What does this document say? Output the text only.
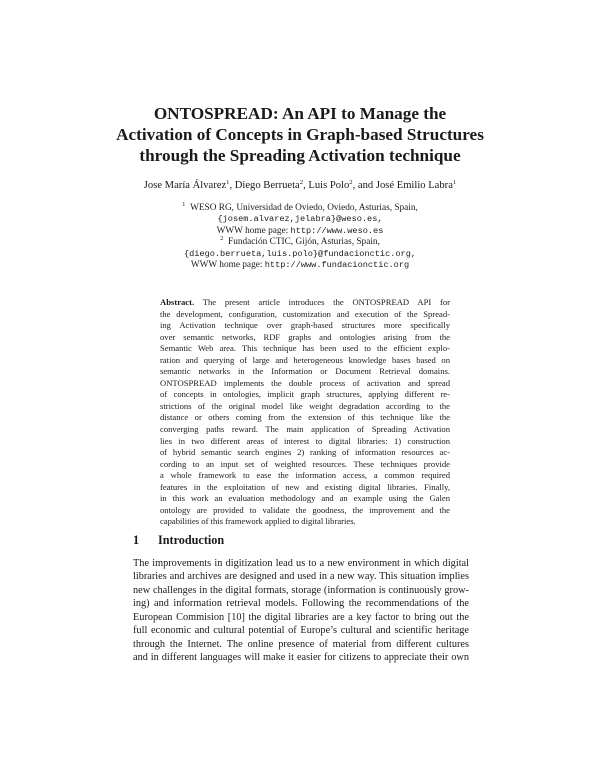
ONTOSPREAD: An API to Manage the
Activation of Concepts in Graph-based Structures
through the Spreading Activation technique
Jose María Álvarez$^1$, Diego Berrueta$^2$, Luis Polo$^2$, and José Emilio Labra$^1$
$^1$ WESO RG, Universidad de Oviedo, Oviedo, Asturias, Spain,
{josem.alvarez,jelabra}@weso.es,
WWW home page: http://www.weso.es
$^2$ Fundación CTIC, Gijón, Asturias, Spain,
{diego.berrueta,luis.polo}@fundacionctic.org,
WWW home page: http://www.fundacionctic.org
Abstract. The present article introduces the ONTOSPREAD API for
the development, configuration, customization and execution of the Spread-
ing Activation technique over graph-based structures more specifically
over semantic networks, RDF graphs and ontologies arising from the
Semantic Web area. This technique has been used to the efficient explo-
ration and querying of large and heterogeneous knowledge bases based on
semantic networks in the Information or Document Retrieval domains.
ONTOSPREAD implements the double process of activation and spread
of concepts in ontologies, implicit graph structures, applying different re-
strictions of the original model like weight degradation according to the
distance or others coming from the extension of this technique like the
converging paths reward. The main application of Spreading Activation
lies in two different areas of interest to digital libraries: 1) construction
of hybrid semantic search engines 2) ranking of information resources ac-
cording to an input set of weighted resources. These techniques provide
a whole framework to ease the information access, a common required
features in the exploitation of new and existing digital libraries. Finally,
in this work an evaluation methodology and an example using the Galen
ontology are provided to validate the goodness, the improvement and the
capabilities of this framework applied to digital libraries.
1 Introduction
The improvements in digitization lead us to a new environment in which digital
libraries and archives are designed and used in a new way. This situation implies
new challenges in the digital formats, storage (information is continuously grow-
ing) and information retrieval models. Following the recommendations of the
European Commision [10] the digital libraries are a key factor to bring out the
full economic and cultural potential of Europe’s cultural and scientific heritage
through the Internet. The online presence of material from different cultures
and in different languages will make it easier for citizens to appreciate their own
